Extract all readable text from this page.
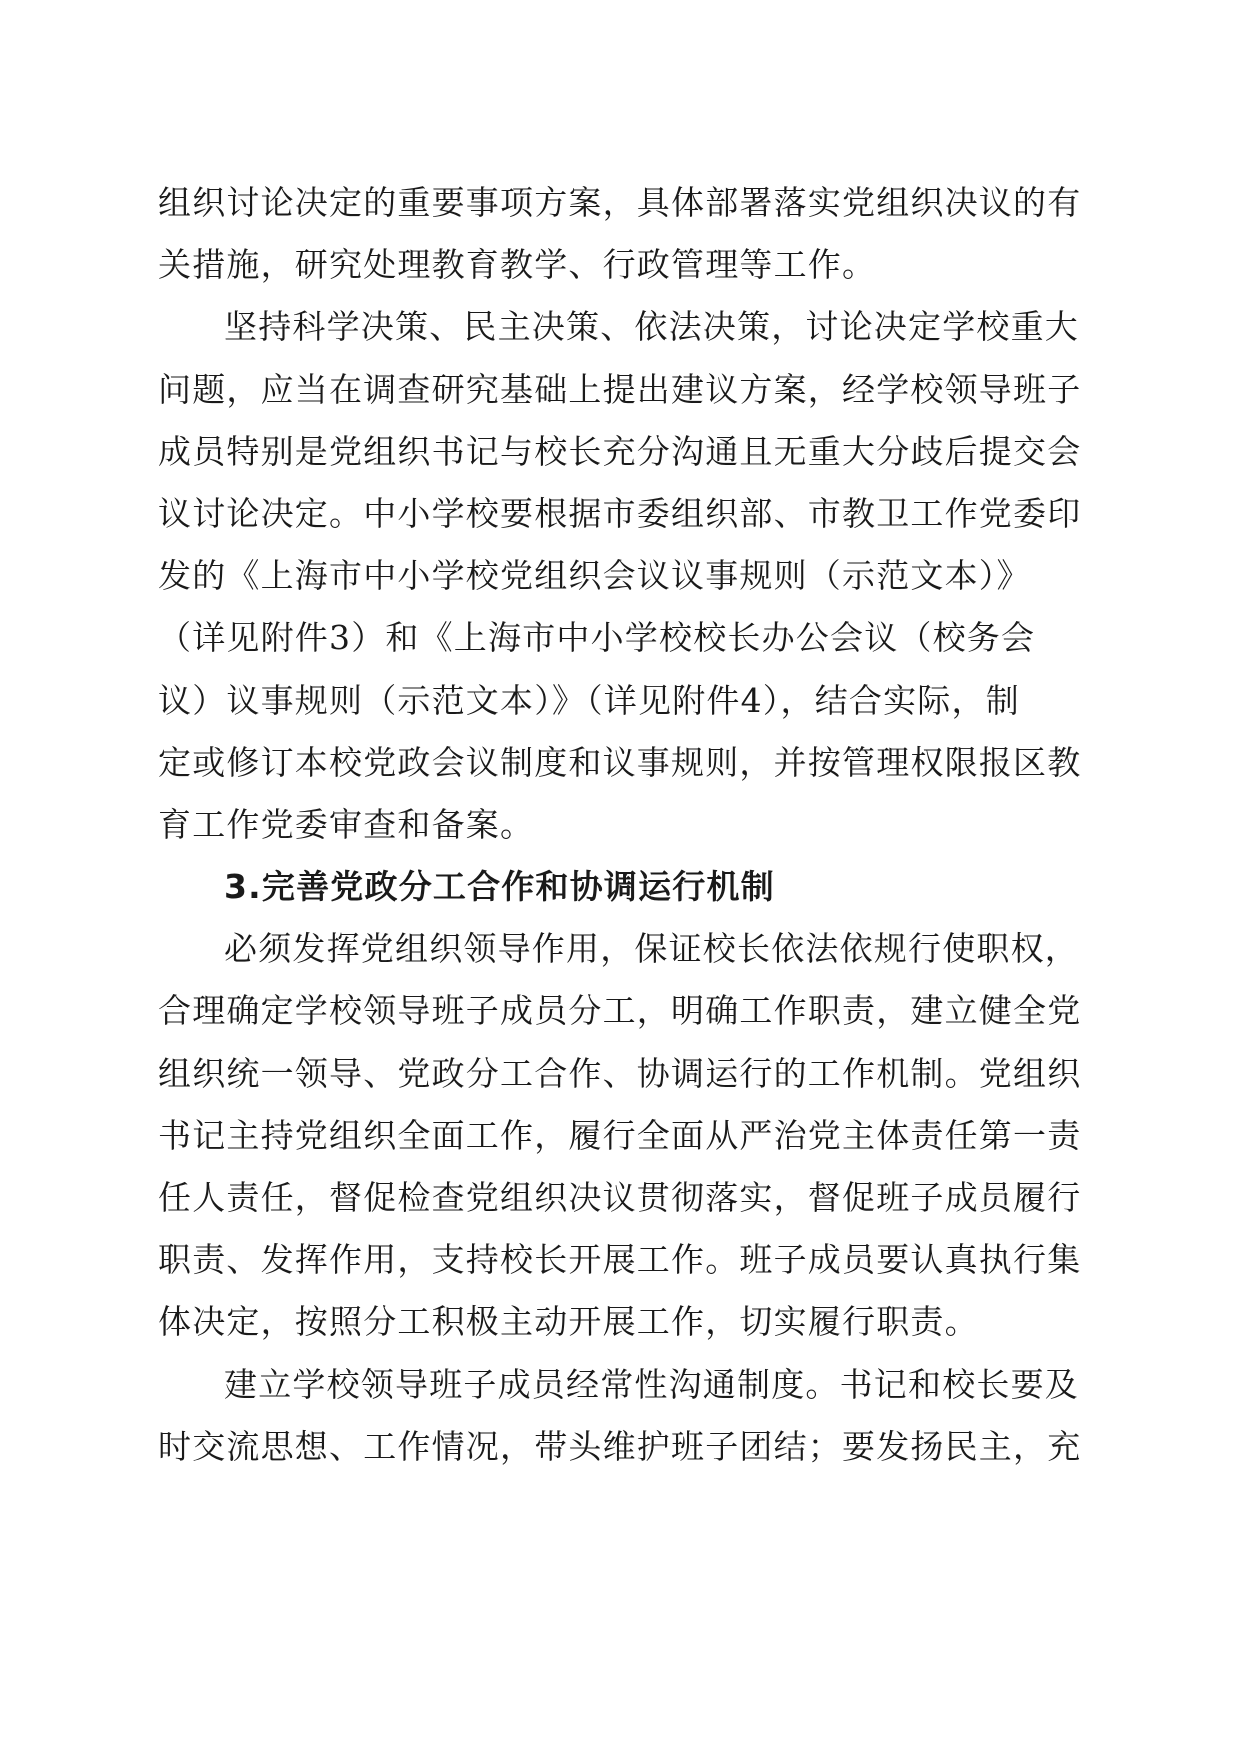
组织讨论决定的重要事项方案，具体部署落实党组织决议的有
关措施，研究处理教育教学、行政管理等工作。
坚持科学决策、民主决策、依法决策，讨论决定学校重大
问题，应当在调查研究基础上提出建议方案，经学校领导班子
成员特别是党组织书记与校长充分沟通且无重大分歧后提交会
议讨论决定。中小学校要根据市委组织部、市教卫工作党委印
发的《上海市中小学校党组织会议议事规则（示范文本）》
（详见附件3）和《上海市中小学校校长办公会议（校务会
议）议事规则（示范文本）》（详见附件4），结合实际，制
定或修订本校党政会议制度和议事规则，并按管理权限报区教
育工作党委审查和备案。
3.完善党政分工合作和协调运行机制
必须发挥党组织领导作用，保证校长依法依规行使职权，
合理确定学校领导班子成员分工，明确工作职责，建立健全党
组织统一领导、党政分工合作、协调运行的工作机制。党组织
书记主持党组织全面工作，履行全面从严治党主体责任第一责
任人责任，督促检查党组织决议贯彻落实，督促班子成员履行
职责、发挥作用，支持校长开展工作。班子成员要认真执行集
体决定，按照分工积极主动开展工作，切实履行职责。
建立学校领导班子成员经常性沟通制度。书记和校长要及
时交流思想、工作情况，带头维护班子团结；要发扬民主，充
